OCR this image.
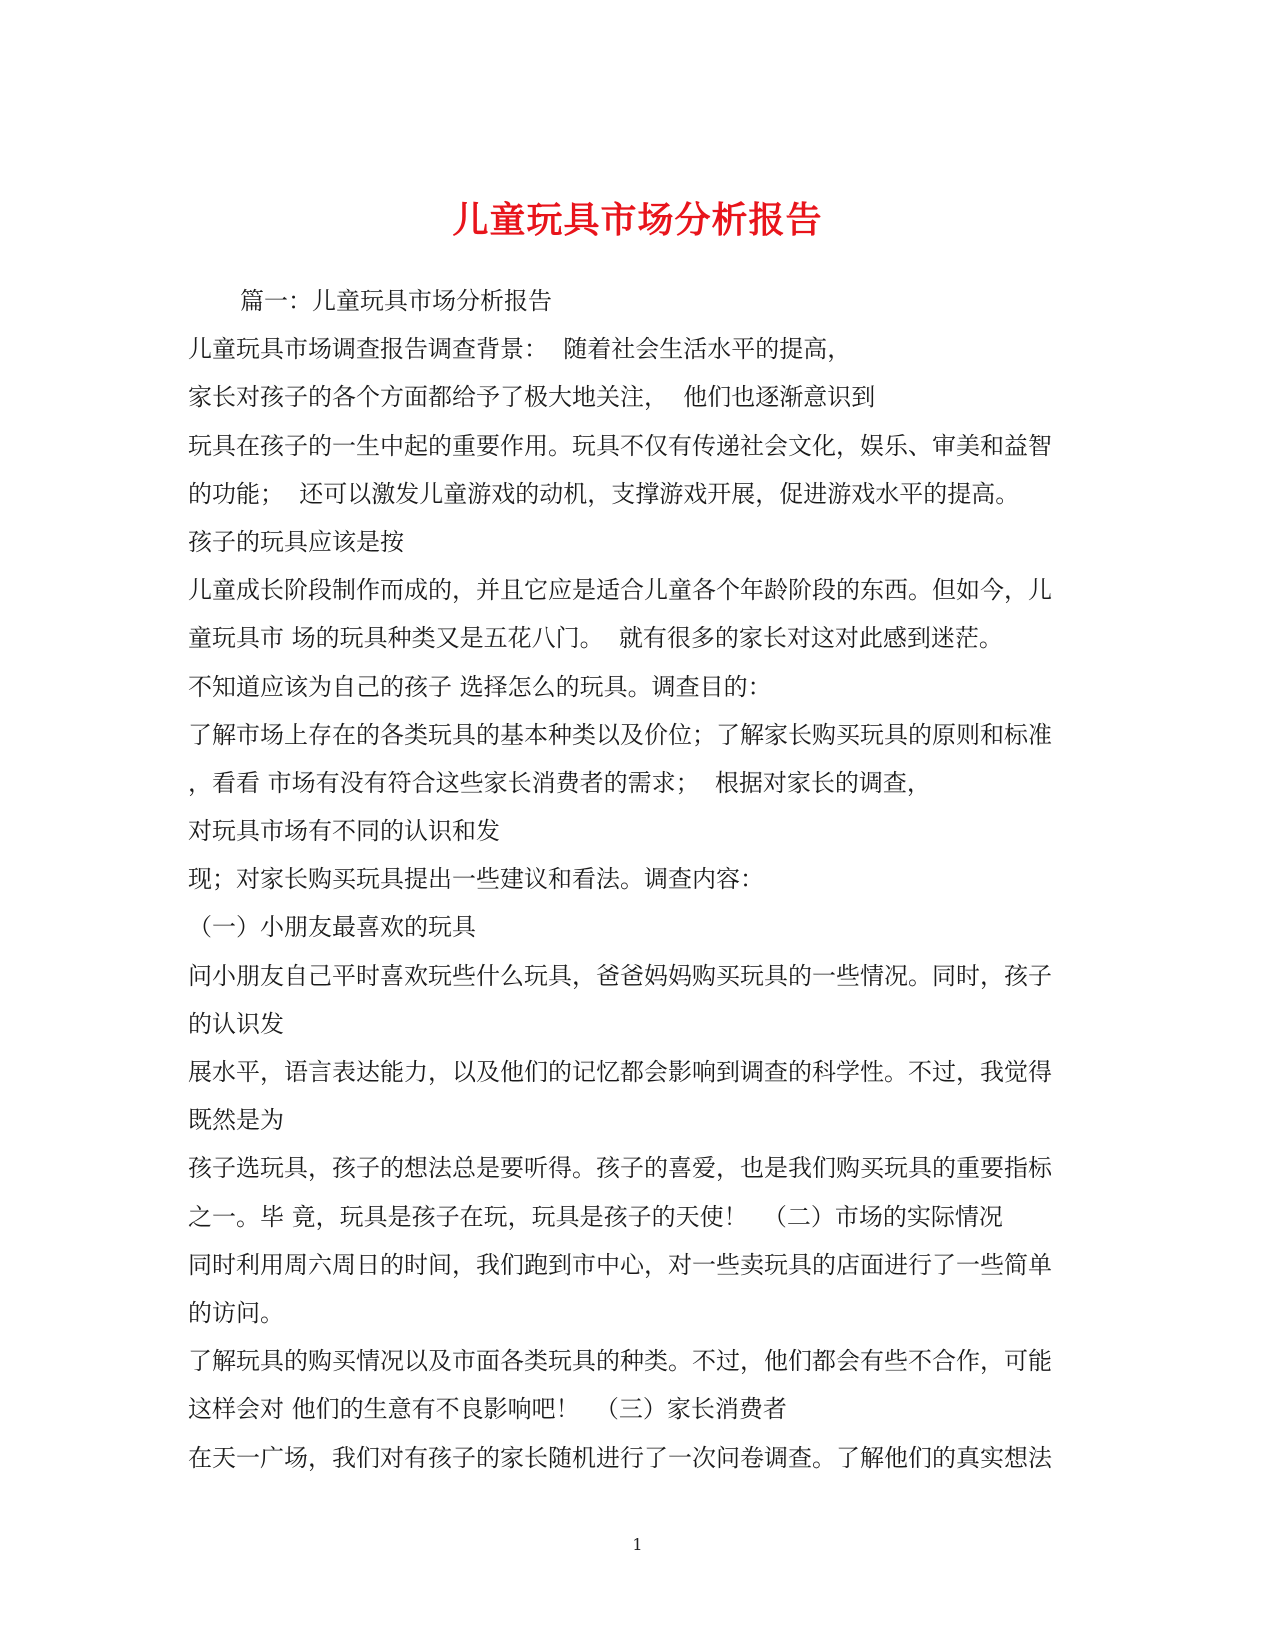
儿童玩具市场分析报告
篇一：儿童玩具市场分析报告
儿童玩具市场调查报告调查背景：  随着社会生活水平的提高，
家长对孩子的各个方面都给予了极大地关注，  他们也逐渐意识到
玩具在孩子的一生中起的重要作用。玩具不仅有传递社会文化，娱乐、审美和益智
的功能；  还可以激发儿童游戏的动机，支撑游戏开展，促进游戏水平的提高。
孩子的玩具应该是按
儿童成长阶段制作而成的，并且它应是适合儿童各个年龄阶段的东西。但如今，儿
童玩具市 场的玩具种类又是五花八门。  就有很多的家长对这对此感到迷茫。
不知道应该为自己的孩子 选择怎么的玩具。调查目的：
了解市场上存在的各类玩具的基本种类以及价位；了解家长购买玩具的原则和标准
，看看 市场有没有符合这些家长消费者的需求；  根据对家长的调查，
对玩具市场有不同的认识和发
现；对家长购买玩具提出一些建议和看法。调查内容：
（一）小朋友最喜欢的玩具
问小朋友自己平时喜欢玩些什么玩具，爸爸妈妈购买玩具的一些情况。同时，孩子
的认识发
展水平，语言表达能力，以及他们的记忆都会影响到调查的科学性。不过，我觉得
既然是为
孩子选玩具，孩子的想法总是要听得。孩子的喜爱，也是我们购买玩具的重要指标
之一。毕 竟，玩具是孩子在玩，玩具是孩子的天使！  （二）市场的实际情况
同时利用周六周日的时间，我们跑到市中心，对一些卖玩具的店面进行了一些简单
的访问。
了解玩具的购买情况以及市面各类玩具的种类。不过，他们都会有些不合作，可能
这样会对 他们的生意有不良影响吧！  （三）家长消费者
在天一广场，我们对有孩子的家长随机进行了一次问卷调查。了解他们的真实想法
1
